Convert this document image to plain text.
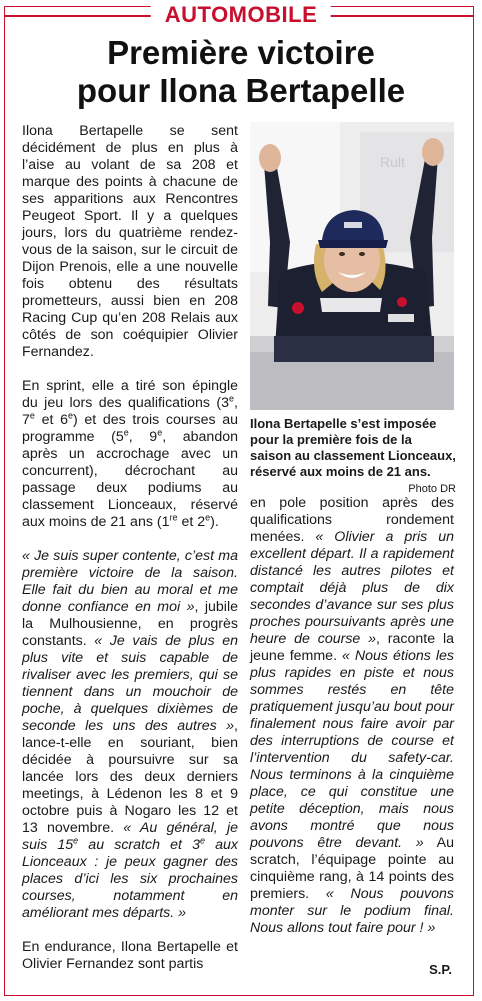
AUTOMOBILE
Première victoire
pour Ilona Bertapelle

Ilona Bertapelle se sent décidément de plus en plus à l’aise au volant de sa 208 et marque des points à chacune de ses apparitions aux Rencontres Peugeot Sport. Il y a quelques jours, lors du quatrième rendez-vous de la saison, sur le circuit de Dijon Prenois, elle a une nouvelle fois obtenu des résultats prometteurs, aussi bien en 208 Racing Cup qu’en 208 Relais aux côtés de son coéquipier Olivier Fernandez.

En sprint, elle a tiré son épingle du jeu lors des qualifications (3e, 7e et 6e) et des trois courses au programme (5e, 9e, abandon après un accrochage avec un concurrent), décrochant au passage deux podiums au classement Lionceaux, réservé aux moins de 21 ans (1re et 2e).

« Je suis super contente, c’est ma première victoire de la saison. Elle fait du bien au moral et me donne confiance en moi », jubile la Mulhousienne, en progrès constants. « Je vais de plus en plus vite et suis capable de rivaliser avec les premiers, qui se tiennent dans un mouchoir de poche, à quelques dixièmes de seconde les uns des autres », lance-t-elle en souriant, bien décidée à poursuivre sur sa lancée lors des deux derniers meetings, à Lédenon les 8 et 9 octobre puis à Nogaro les 12 et 13 novembre. « Au général, je suis 15e au scratch et 3e aux Lionceaux : je peux gagner des places d’ici les six prochaines courses, notamment en améliorant mes départs. »

En endurance, Ilona Bertapelle et Olivier Fernandez sont partis

Rult
Ilona Bertapelle s’est imposée pour la première fois de la saison au classement Lionceaux, réservé aux moins de 21 ans.
Photo DR

en pole position après des qualifications rondement menées. « Olivier a pris un excellent départ. Il a rapidement distancé les autres pilotes et comptait déjà plus de dix secondes d’avance sur ses plus proches poursuivants après une heure de course », raconte la jeune femme. « Nous étions les plus rapides en piste et nous sommes restés en tête pratiquement jusqu’au bout pour finalement nous faire avoir par des interruptions de course et l’intervention du safety-car. Nous terminons à la cinquième place, ce qui constitue une petite déception, mais nous avons montré que nous pouvons être devant. » Au scratch, l’équipage pointe au cinquième rang, à 14 points des premiers. « Nous pouvons monter sur le podium final. Nous allons tout faire pour ! »

S.P.
